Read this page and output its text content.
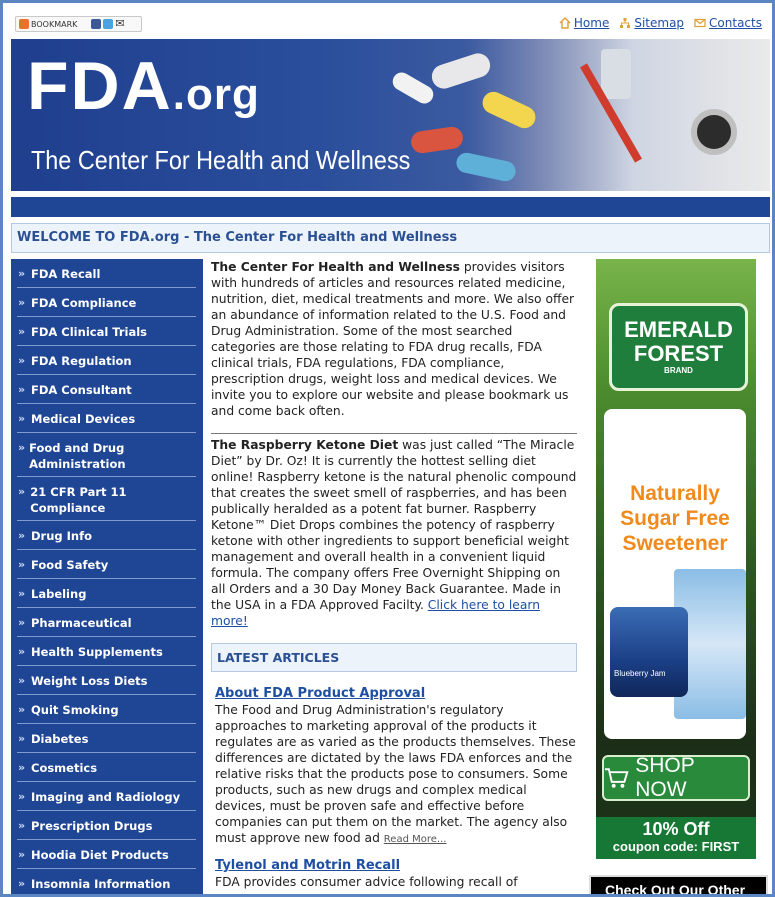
BOOKMARK	✉	Home Sitemap Contacts
FDA.org
The Center For Health and Wellness
WELCOME TO FDA.org - The Center For Health and Wellness
» FDA Recall
» FDA Compliance
» FDA Clinical Trials
» FDA Regulation
» FDA Consultant
» Medical Devices
» Food and Drug Administration
» 21 CFR Part 11 Compliance
» Drug Info
» Food Safety
» Labeling
» Pharmaceutical
» Health Supplements
» Weight Loss Diets
» Quit Smoking
» Diabetes
» Cosmetics
» Imaging and Radiology
» Prescription Drugs
» Hoodia Diet Products
» Insomnia Information
The Center For Health and Wellness provides visitors with hundreds of articles and resources related medicine, nutrition, diet, medical treatments and more. We also offer an abundance of information related to the U.S. Food and Drug Administration. Some of the most searched categories are those relating to FDA drug recalls, FDA clinical trials, FDA regulations, FDA compliance, prescription drugs, weight loss and medical devices. We invite you to explore our website and please bookmark us and come back often.
The Raspberry Ketone Diet was just called “The Miracle Diet” by Dr. Oz! It is currently the hottest selling diet online! Raspberry ketone is the natural phenolic compound that creates the sweet smell of raspberries, and has been publically heralded as a potent fat burner. Raspberry Ketone™ Diet Drops combines the potency of raspberry ketone with other ingredients to support beneficial weight management and overall health in a convenient liquid formula. The company offers Free Overnight Shipping on all Orders and a 30 Day Money Back Guarantee. Made in the USA in a FDA Approved Facilty. Click here to learn more!
LATEST ARTICLES
About FDA Product Approval
The Food and Drug Administration's regulatory approaches to marketing approval of the products it regulates are as varied as the products themselves. These differences are dictated by the laws FDA enforces and the relative risks that the products pose to consumers. Some products, such as new drugs and complex medical devices, must be proven safe and effective before companies can put them on the market. The agency also must approve new food ad Read More...
Tylenol and Motrin Recall
FDA provides consumer advice following recall of
EMERALD
FOREST
BRAND
Naturally Sugar Free Sweetener
Blueberry Jam
SHOP NOW
10% Off
coupon code: FIRST
Check Out Our Other
